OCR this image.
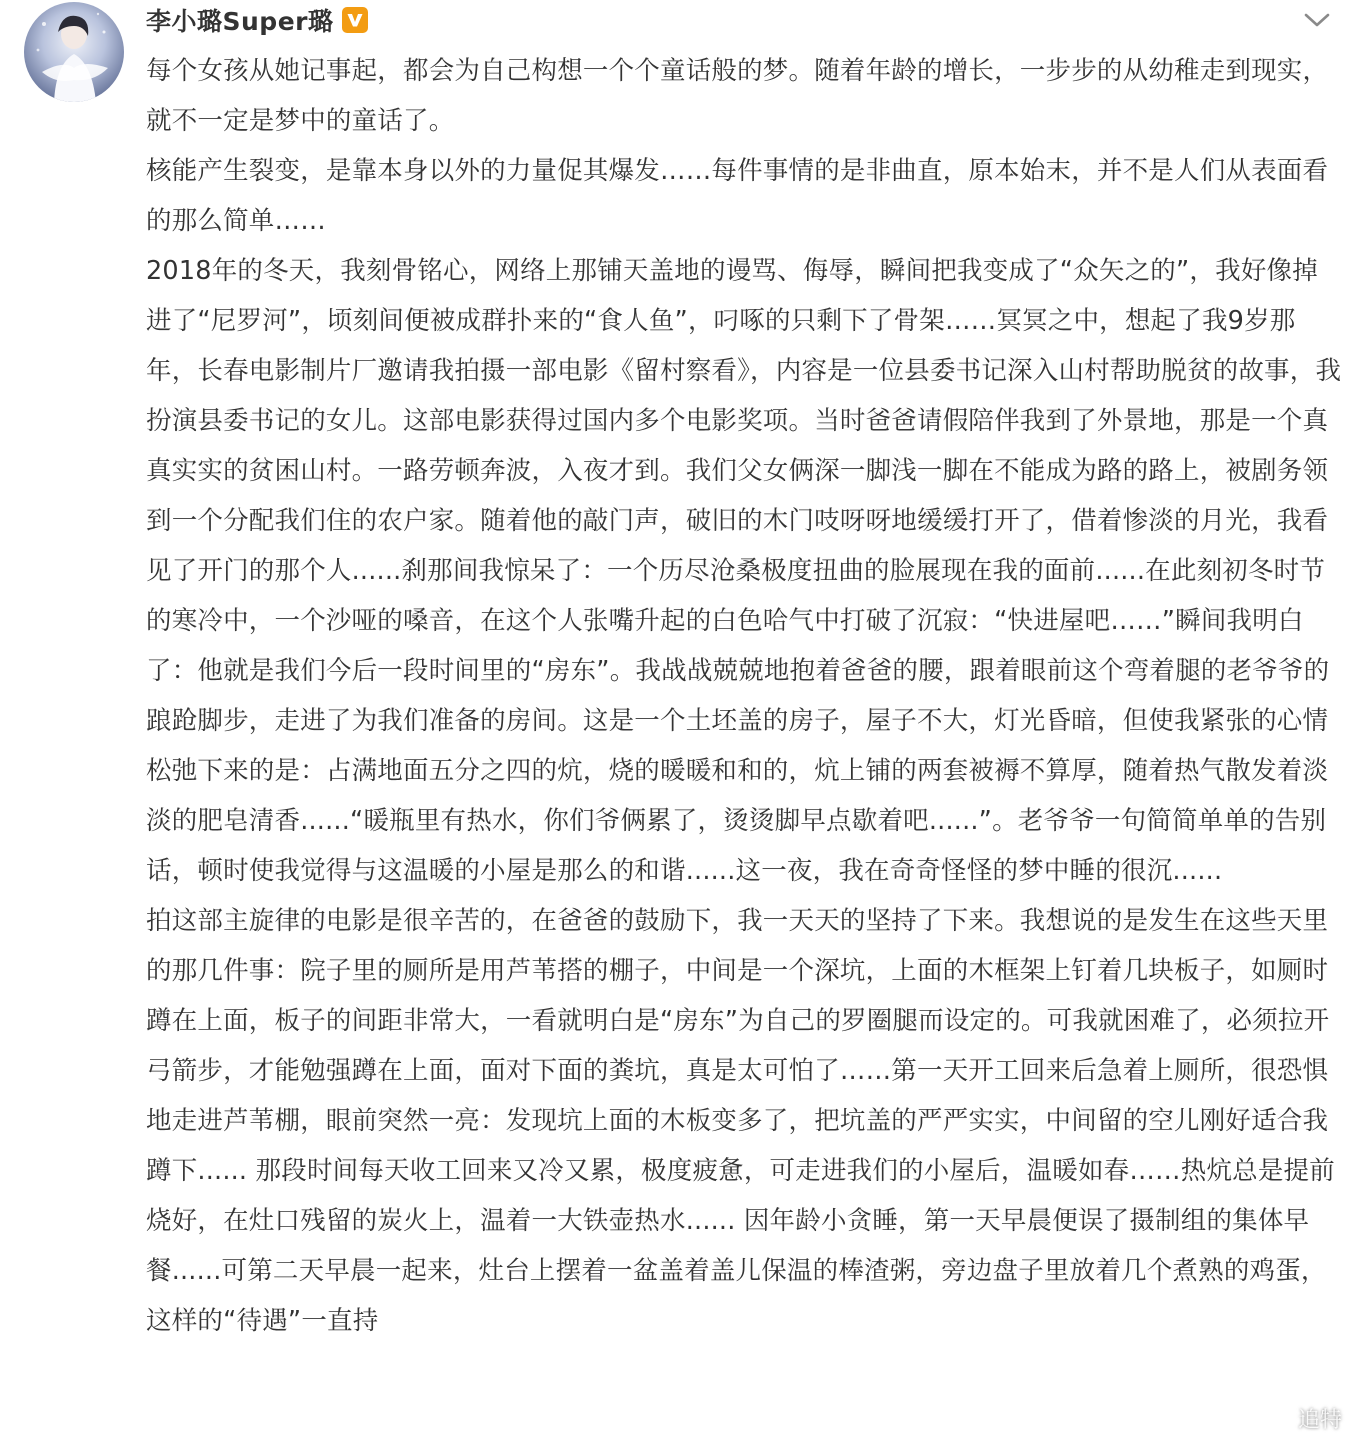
李小璐Super璐

每个女孩从她记事起，都会为自己构想一个个童话般的梦。随着年龄的增长，一步步的从幼稚走到现实，就不一定是梦中的童话了。

核能产生裂变，是靠本身以外的力量促其爆发……每件事情的是非曲直，原本始末，并不是人们从表面看的那么简单……

2018年的冬天，我刻骨铭心，网络上那铺天盖地的谩骂、侮辱，瞬间把我变成了“众矢之的”，我好像掉进了“尼罗河”，顷刻间便被成群扑来的“食人鱼”，叼啄的只剩下了骨架……冥冥之中，想起了我9岁那年，长春电影制片厂邀请我拍摄一部电影《留村察看》，内容是一位县委书记深入山村帮助脱贫的故事，我扮演县委书记的女儿。这部电影获得过国内多个电影奖项。当时爸爸请假陪伴我到了外景地，那是一个真真实实的贫困山村。一路劳顿奔波，入夜才到。我们父女俩深一脚浅一脚在不能成为路的路上，被剧务领到一个分配我们住的农户家。随着他的敲门声，破旧的木门吱呀呀地缓缓打开了，借着惨淡的月光，我看见了开门的那个人......刹那间我惊呆了：一个历尽沧桑极度扭曲的脸展现在我的面前......在此刻初冬时节的寒冷中，一个沙哑的嗓音，在这个人张嘴升起的白色哈气中打破了沉寂：“快进屋吧……”瞬间我明白了：他就是我们今后一段时间里的“房东”。我战战兢兢地抱着爸爸的腰，跟着眼前这个弯着腿的老爷爷的踉跄脚步，走进了为我们准备的房间。这是一个土坯盖的房子，屋子不大，灯光昏暗，但使我紧张的心情松弛下来的是：占满地面五分之四的炕，烧的暖暖和和的，炕上铺的两套被褥不算厚，随着热气散发着淡淡的肥皂清香......“暖瓶里有热水，你们爷俩累了，烫烫脚早点歇着吧......”。老爷爷一句简简单单的告别话，顿时使我觉得与这温暖的小屋是那么的和谐......这一夜，我在奇奇怪怪的梦中睡的很沉......

拍这部主旋律的电影是很辛苦的，在爸爸的鼓励下，我一天天的坚持了下来。我想说的是发生在这些天里的那几件事：院子里的厕所是用芦苇搭的棚子，中间是一个深坑，上面的木框架上钉着几块板子，如厕时蹲在上面，板子的间距非常大，一看就明白是“房东”为自己的罗圈腿而设定的。可我就困难了，必须拉开弓箭步，才能勉强蹲在上面，面对下面的粪坑，真是太可怕了……第一天开工回来后急着上厕所，很恐惧地走进芦苇棚，眼前突然一亮：发现坑上面的木板变多了，把坑盖的严严实实，中间留的空儿刚好适合我蹲下...... 那段时间每天收工回来又冷又累，极度疲惫，可走进我们的小屋后，温暖如春……热炕总是提前烧好，在灶口残留的炭火上，温着一大铁壶热水...... 因年龄小贪睡，第一天早晨便误了摄制组的集体早餐......可第二天早晨一起来，灶台上摆着一盆盖着盖儿保温的棒渣粥，旁边盘子里放着几个煮熟的鸡蛋，这样的“待遇”一直持

追特
